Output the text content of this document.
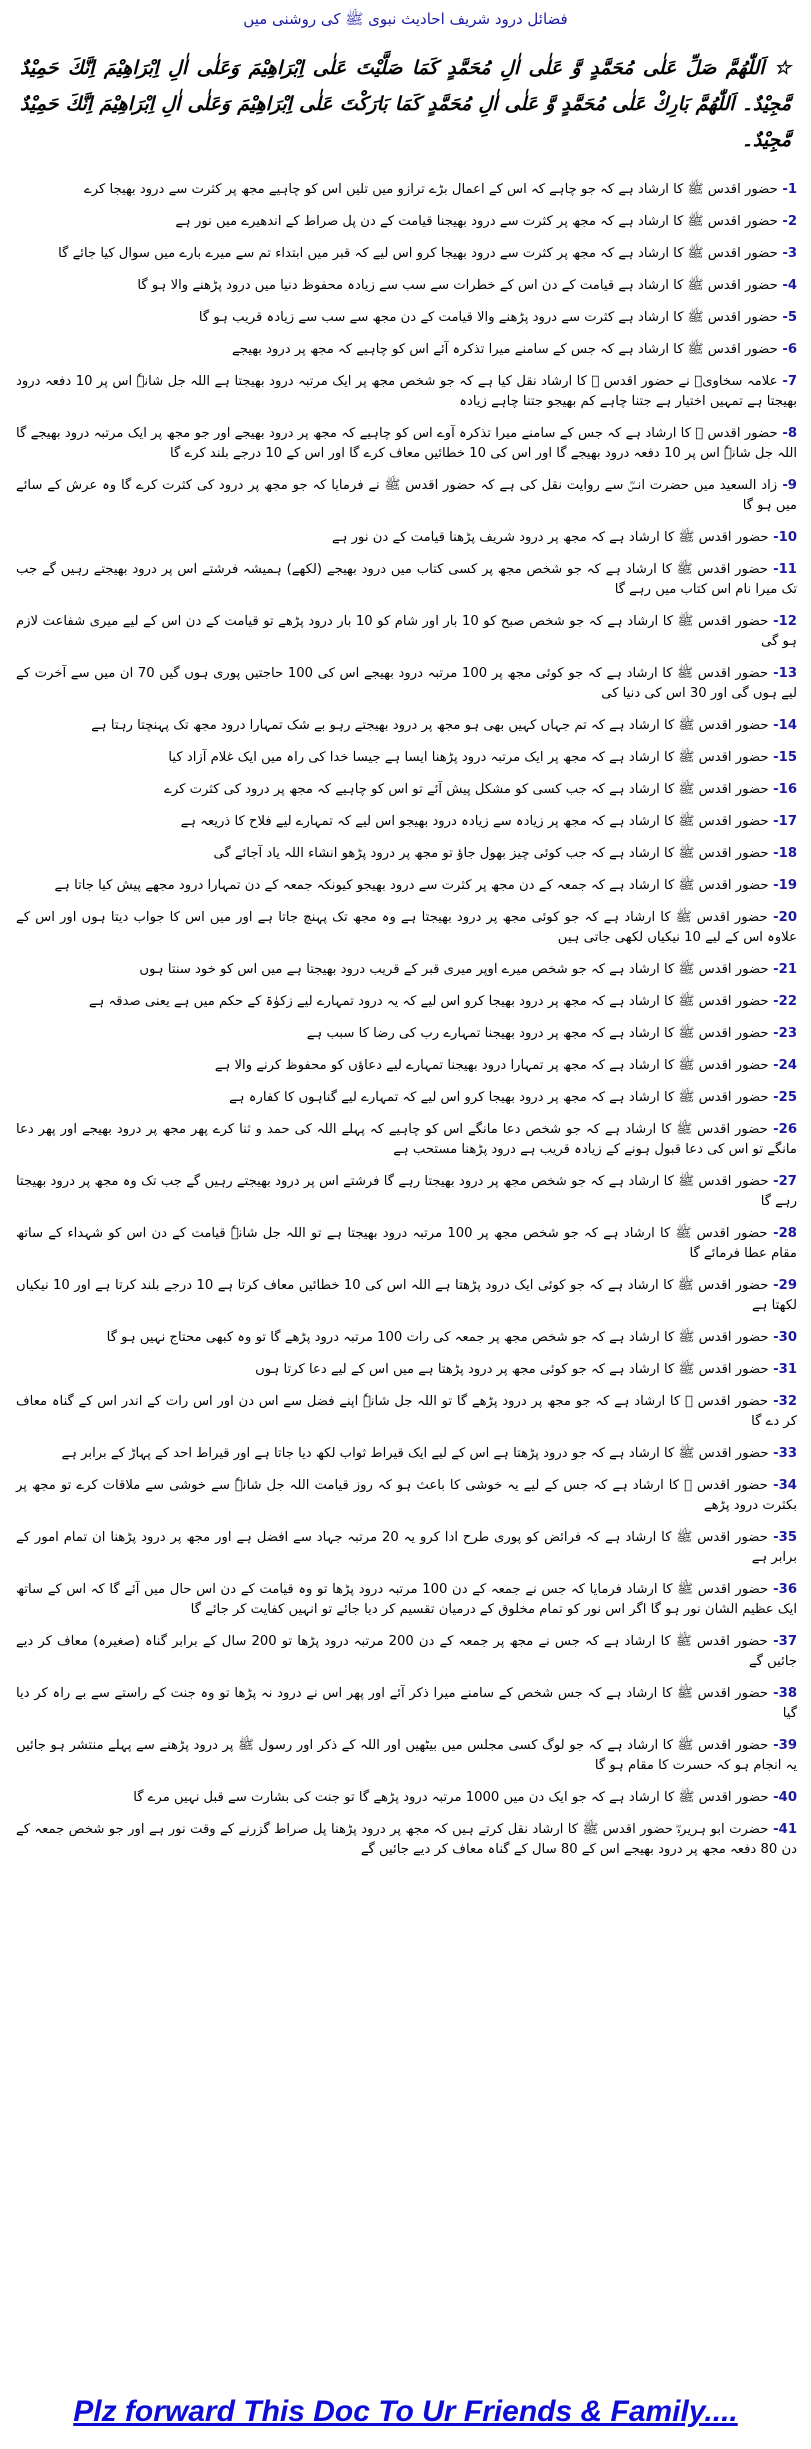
فضائل درود شریف احادیث نبوی ﷺ کی روشنی میں
☆ اَللّٰهُمَّ صَلِّ عَلٰى مُحَمَّدٍ وَّ عَلٰى اٰلِ مُحَمَّدٍ كَمَا صَلَّيْتَ عَلٰى اِبْرَاهِيْمَ وَعَلٰى اٰلِ اِبْرَاهِيْمَ اِنَّكَ حَمِيْدٌ مَّجِيْدٌ۔ اَللّٰهُمَّ بَارِكْ عَلٰى مُحَمَّدٍ وَّ عَلٰى اٰلِ مُحَمَّدٍ كَمَا بَارَكْتَ عَلٰى اِبْرَاهِيْمَ وَعَلٰى اٰلِ اِبْرَاهِيْمَ اِنَّكَ حَمِيْدٌ مَّجِيْدٌ۔
1 - حضور اقدس ﷺ کا ارشاد ہے کہ جو چاہے کہ اس کے اعمال بڑے ترازو میں تلیں اس کو چاہیے مجھ پر کثرت سے درود بھیجا کرے
2 - حضور اقدس ﷺ کا ارشاد ہے کہ مجھ پر کثرت سے درود بھیجنا قیامت کے دن پل صراط کے اندھیرے میں نور ہے
3 - حضور اقدس ﷺ کا ارشاد ہے کہ مجھ پر کثرت سے درود بھیجا کرو اس لیے کہ قبر میں ابتداء تم سے میرے بارے میں سوال کیا جائے گا
4 - حضور اقدس ﷺ کا ارشاد ہے قیامت کے دن اس کے خطرات سے سب سے زیادہ محفوظ دنیا میں درود پڑھنے والا ہو گا
5 - حضور اقدس ﷺ کا ارشاد ہے کثرت سے درود پڑھنے والا قیامت کے دن مجھ سے سب سے زیادہ قریب ہو گا
6 - حضور اقدس ﷺ کا ارشاد ہے کہ جس کے سامنے میرا تذکرہ آئے اس کو چاہیے کہ مجھ پر درود بھیجے
7 - علامہ سخاویؒ نے حضور اقدس ﷺ کا ارشاد نقل کیا ہے کہ جو شخص مجھ پر ایک مرتبہ درود بھیجتا ہے اللہ جل شانہٗ اس پر 10 دفعہ درود بھیجتا ہے تمہیں اختیار ہے جتنا چاہے کم بھیجو جتنا چاہے زیادہ
8 - حضور اقدس ﷺ کا ارشاد ہے کہ جس کے سامنے میرا تذکرہ آوے اس کو چاہیے کہ مجھ پر درود بھیجے اور جو مجھ پر ایک مرتبہ درود بھیجے گا اللہ جل شانہٗ اس پر 10 دفعہ درود بھیجے گا اور اس کی 10 خطائیں معاف کرے گا اور اس کے 10 درجے بلند کرے گا
9 - زاد السعید میں حضرت انسؓ سے روایت نقل کی ہے کہ حضور اقدس ﷺ نے فرمایا کہ جو مجھ پر درود کی کثرت کرے گا وہ عرش کے سائے میں ہو گا
10 - حضور اقدس ﷺ کا ارشاد ہے کہ مجھ پر درود شریف پڑھنا قیامت کے دن نور ہے
11 - حضور اقدس ﷺ کا ارشاد ہے کہ جو شخص مجھ پر کسی کتاب میں درود بھیجے (لکھے) ہمیشہ فرشتے اس پر درود بھیجتے رہیں گے جب تک میرا نام اس کتاب میں رہے گا
12 - حضور اقدس ﷺ کا ارشاد ہے کہ جو شخص صبح کو 10 بار اور شام کو 10 بار درود پڑھے تو قیامت کے دن اس کے لیے میری شفاعت لازم ہو گی
13 - حضور اقدس ﷺ کا ارشاد ہے کہ جو کوئی مجھ پر 100 مرتبہ درود بھیجے اس کی 100 حاجتیں پوری ہوں گیں 70 ان میں سے آخرت کے لیے ہوں گی اور 30 اس کی دنیا کی
14 - حضور اقدس ﷺ کا ارشاد ہے کہ تم جہاں کہیں بھی ہو مجھ پر درود بھیجتے رہو بے شک تمہارا درود مجھ تک پہنچتا رہتا ہے
15 - حضور اقدس ﷺ کا ارشاد ہے کہ مجھ پر ایک مرتبہ درود پڑھنا ایسا ہے جیسا خدا کی راہ میں ایک غلام آزاد کیا
16 - حضور اقدس ﷺ کا ارشاد ہے کہ جب کسی کو مشکل پیش آئے تو اس کو چاہیے کہ مجھ پر درود کی کثرت کرے
17 - حضور اقدس ﷺ کا ارشاد ہے کہ مجھ پر زیادہ سے زیادہ درود بھیجو اس لیے کہ تمہارے لیے فلاح کا ذریعہ ہے
18 - حضور اقدس ﷺ کا ارشاد ہے کہ جب کوئی چیز بھول جاؤ تو مجھ پر درود پڑھو انشاء اللہ یاد آجائے گی
19 - حضور اقدس ﷺ کا ارشاد ہے کہ جمعہ کے دن مجھ پر کثرت سے درود بھیجو کیونکہ جمعہ کے دن تمہارا درود مجھے پیش کیا جاتا ہے
20 - حضور اقدس ﷺ کا ارشاد ہے کہ جو کوئی مجھ پر درود بھیجتا ہے وہ مجھ تک پہنچ جاتا ہے اور میں اس کا جواب دیتا ہوں اور اس کے علاوہ اس کے لیے 10 نیکیاں لکھی جاتی ہیں
21 - حضور اقدس ﷺ کا ارشاد ہے کہ جو شخص میرے اوپر میری قبر کے قریب درود بھیجتا ہے میں اس کو خود سنتا ہوں
22 - حضور اقدس ﷺ کا ارشاد ہے کہ مجھ پر درود بھیجا کرو اس لیے کہ یہ درود تمہارے لیے زکوٰۃ کے حکم میں ہے یعنی صدقہ ہے
23 - حضور اقدس ﷺ کا ارشاد ہے کہ مجھ پر درود بھیجنا تمہارے رب کی رضا کا سبب ہے
24 - حضور اقدس ﷺ کا ارشاد ہے کہ مجھ پر تمہارا درود بھیجنا تمہارے لیے دعاؤں کو محفوظ کرنے والا ہے
25 - حضور اقدس ﷺ کا ارشاد ہے کہ مجھ پر درود بھیجا کرو اس لیے کہ تمہارے لیے گناہوں کا کفارہ ہے
26 - حضور اقدس ﷺ کا ارشاد ہے کہ جو شخص دعا مانگے اس کو چاہیے کہ پہلے اللہ کی حمد و ثنا کرے پھر مجھ پر درود بھیجے اور پھر دعا مانگے تو اس کی دعا قبول ہونے کے زیادہ قریب ہے درود پڑھنا مستحب ہے
27 - حضور اقدس ﷺ کا ارشاد ہے کہ جو شخص مجھ پر درود بھیجتا رہے گا فرشتے اس پر درود بھیجتے رہیں گے جب تک وہ مجھ پر درود بھیجتا رہے گا
28 - حضور اقدس ﷺ کا ارشاد ہے کہ جو شخص مجھ پر 100 مرتبہ درود بھیجتا ہے تو اللہ جل شانہٗ قیامت کے دن اس کو شہداء کے ساتھ مقام عطا فرمائے گا
29 - حضور اقدس ﷺ کا ارشاد ہے کہ جو کوئی ایک درود پڑھتا ہے اللہ اس کی 10 خطائیں معاف کرتا ہے 10 درجے بلند کرتا ہے اور 10 نیکیاں لکھتا ہے
30 - حضور اقدس ﷺ کا ارشاد ہے کہ جو شخص مجھ پر جمعہ کی رات 100 مرتبہ درود پڑھے گا تو وہ کبھی محتاج نہیں ہو گا
31 - حضور اقدس ﷺ کا ارشاد ہے کہ جو کوئی مجھ پر درود پڑھتا ہے میں اس کے لیے دعا کرتا ہوں
32 - حضور اقدس ﷺ کا ارشاد ہے کہ جو مجھ پر درود پڑھے گا تو اللہ جل شانہٗ اپنے فضل سے اس دن اور اس رات کے اندر اس کے گناہ معاف کر دے گا
33 - حضور اقدس ﷺ کا ارشاد ہے کہ جو درود پڑھتا ہے اس کے لیے ایک قیراط ثواب لکھ دیا جاتا ہے اور قیراط احد کے پہاڑ کے برابر ہے
34 - حضور اقدس ﷺ کا ارشاد ہے کہ جس کے لیے یہ خوشی کا باعث ہو کہ روز قیامت اللہ جل شانہٗ سے خوشی سے ملاقات کرے تو مجھ پر بکثرت درود پڑھے
35 - حضور اقدس ﷺ کا ارشاد ہے کہ فرائض کو پوری طرح ادا کرو یہ 20 مرتبہ جہاد سے افضل ہے اور مجھ پر درود پڑھنا ان تمام امور کے برابر ہے
36 - حضور اقدس ﷺ کا ارشاد فرمایا کہ جس نے جمعہ کے دن 100 مرتبہ درود پڑھا تو وہ قیامت کے دن اس حال میں آئے گا کہ اس کے ساتھ ایک عظیم الشان نور ہو گا اگر اس نور کو تمام مخلوق کے درمیان تقسیم کر دیا جائے تو انہیں کفایت کر جائے گا
37 - حضور اقدس ﷺ کا ارشاد ہے کہ جس نے مجھ پر جمعہ کے دن 200 مرتبہ درود پڑھا تو 200 سال کے برابر گناہ (صغیرہ) معاف کر دیے جائیں گے
38 - حضور اقدس ﷺ کا ارشاد ہے کہ جس شخص کے سامنے میرا ذکر آئے اور پھر اس نے درود نہ پڑھا تو وہ جنت کے راستے سے بے راہ کر دیا گیا
39 - حضور اقدس ﷺ کا ارشاد ہے کہ جو لوگ کسی مجلس میں بیٹھیں اور اللہ کے ذکر اور رسول ﷺ پر درود پڑھنے سے پہلے منتشر ہو جائیں یہ انجام ہو کہ حسرت کا مقام ہو گا
40 - حضور اقدس ﷺ کا ارشاد ہے کہ جو ایک دن میں 1000 مرتبہ درود پڑھے گا تو جنت کی بشارت سے قبل نہیں مرے گا
41 - حضرت ابو ہریرہؓ حضور اقدس ﷺ کا ارشاد نقل کرتے ہیں کہ مجھ پر درود پڑھنا پل صراط گزرنے کے وقت نور ہے اور جو شخص جمعہ کے دن 80 دفعہ مجھ پر درود بھیجے اس کے 80 سال کے گناہ معاف کر دیے جائیں گے
Plz forward This Doc To Ur Friends & Family....
